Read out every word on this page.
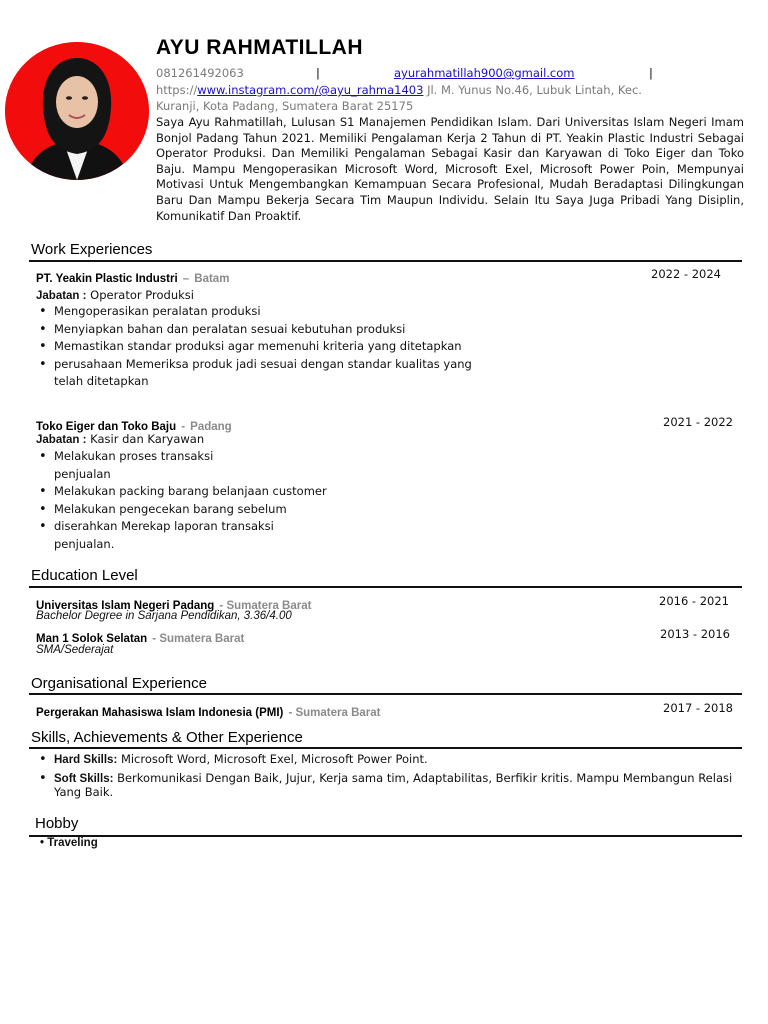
AYU RAHMATILLAH
081261492063	|	ayurahmatillah900@gmail.com	|
https://www.instagram.com/@ayu_rahma1403 Jl. M. Yunus No.46, Lubuk Lintah, Kec.
Kuranji, Kota Padang, Sumatera Barat 25175
Saya Ayu Rahmatillah, Lulusan S1 Manajemen Pendidikan Islam. Dari Universitas Islam Negeri Imam Bonjol Padang Tahun 2021. Memiliki Pengalaman Kerja 2 Tahun di PT. Yeakin Plastic Industri Sebagai Operator Produksi. Dan Memiliki Pengalaman Sebagai Kasir dan Karyawan di Toko Eiger dan Toko Baju. Mampu Mengoperasikan Microsoft Word, Microsoft Exel, Microsoft Power Poin, Mempunyai Motivasi Untuk Mengembangkan Kemampuan Secara Profesional, Mudah Beradaptasi Dilingkungan Baru Dan Mampu Bekerja Secara Tim Maupun Individu. Selain Itu Saya Juga Pribadi Yang Disiplin, Komunikatif Dan Proaktif.
Work Experiences
PT. Yeakin Plastic Industri – Batam	2022 - 2024
Jabatan : Operator Produksi
• Mengoperasikan peralatan produksi
• Menyiapkan bahan dan peralatan sesuai kebutuhan produksi
• Memastikan standar produksi agar memenuhi kriteria yang ditetapkan
• perusahaan Memeriksa produk jadi sesuai dengan standar kualitas yang
telah ditetapkan
Toko Eiger dan Toko Baju - Padang	2021 - 2022
Jabatan : Kasir dan Karyawan
• Melakukan proses transaksi
penjualan
• Melakukan packing barang belanjaan customer
• Melakukan pengecekan barang sebelum
• diserahkan Merekap laporan transaksi
penjualan.
Education Level
Universitas Islam Negeri Padang - Sumatera Barat	2016 - 2021
Bachelor Degree in Sarjana Pendidikan, 3.36/4.00
Man 1 Solok Selatan - Sumatera Barat	2013 - 2016
SMA/Sederajat
Organisational Experience
Pergerakan Mahasiswa Islam Indonesia (PMI) - Sumatera Barat	2017 - 2018
Skills, Achievements & Other Experience
• Hard Skills: Microsoft Word, Microsoft Exel, Microsoft Power Point.
• Soft Skills: Berkomunikasi Dengan Baik, Jujur, Kerja sama tim, Adaptabilitas, Berfikir kritis. Mampu Membangun Relasi Yang Baik.
Hobby
• Traveling
